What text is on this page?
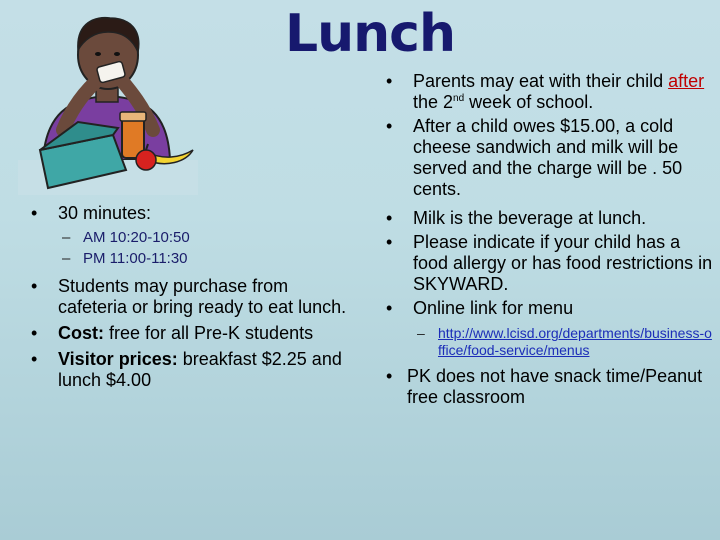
Lunch
• 30 minutes:
– AM 10:20-10:50
– PM 11:00-11:30
• Students may purchase from cafeteria or bring ready to eat lunch.
• Cost: free for all Pre-K students
• Visitor prices: breakfast $2.25 and lunch $4.00
• Parents may eat with their child after the 2nd week of school.
• After a child owes $15.00, a cold cheese sandwich and milk will be served and the charge will be . 50 cents.
• Milk is the beverage at lunch.
• Please indicate if your child has a food allergy or has food restrictions in SKYWARD.
• Online link for menu
– http://www.lcisd.org/departments/business-office/food-service/menus
• PK does not have snack time/Peanut free classroom
